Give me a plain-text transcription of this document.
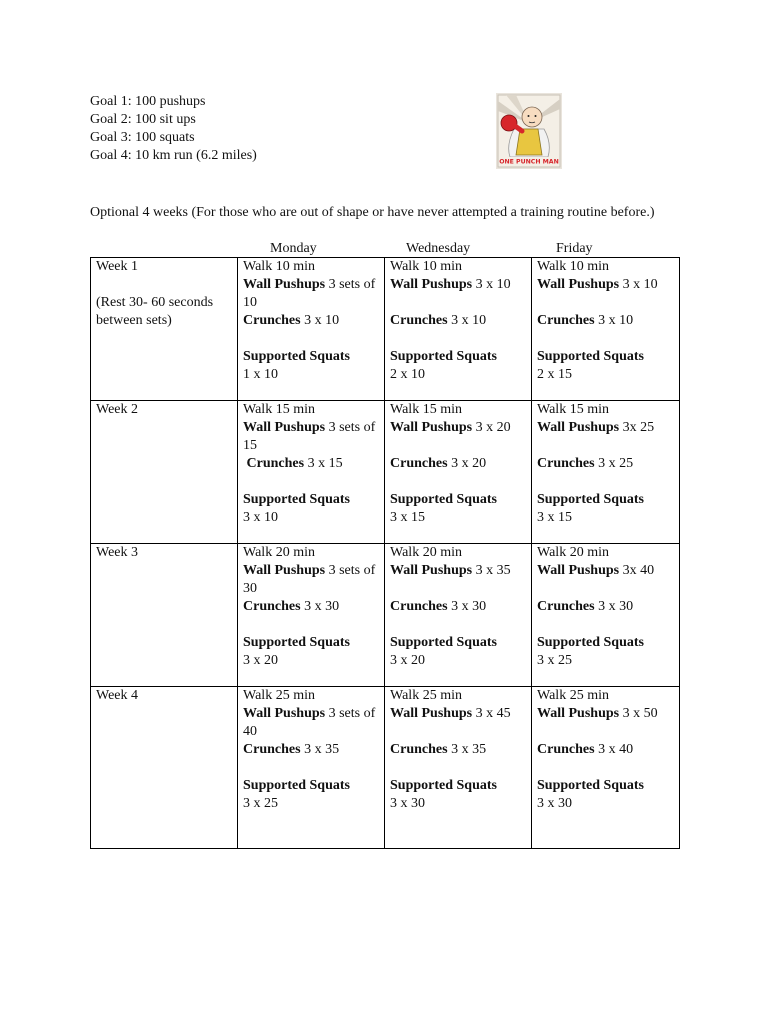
Goal 1: 100 pushups
Goal 2: 100 sit ups
Goal 3: 100 squats
Goal 4: 10 km run (6.2 miles)	ONE PUNCH MAN
Optional 4 weeks (For those who are out of shape or have never attempted a training routine before.)
Monday	Wednesday	Friday
Week 1
(Rest 30- 60 seconds between sets)	Walk 10 min
Wall Pushups 3 sets of 10
Crunches 3 x 10
Supported Squats
1 x 10	Walk 10 min
Wall Pushups 3 x 10
Crunches 3 x 10
Supported Squats
2 x 10	Walk 10 min
Wall Pushups 3 x 10
Crunches 3 x 10
Supported Squats
2 x 15

Week 2	Walk 15 min
Wall Pushups 3 sets of 15
Crunches 3 x 15
Supported Squats
3 x 10	Walk 15 min
Wall Pushups 3 x 20
Crunches 3 x 20
Supported Squats
3 x 15	Walk 15 min
Wall Pushups 3x 25
Crunches 3 x 25
Supported Squats
3 x 15

Week 3	Walk 20 min
Wall Pushups 3 sets of 30
Crunches 3 x 30
Supported Squats
3 x 20	Walk 20 min
Wall Pushups 3 x 35
Crunches 3 x 30
Supported Squats
3 x 20	Walk 20 min
Wall Pushups 3x 40
Crunches 3 x 30
Supported Squats
3 x 25

Week 4	Walk 25 min
Wall Pushups 3 sets of 40
Crunches 3 x 35
Supported Squats
3 x 25	Walk 25 min
Wall Pushups 3 x 45
Crunches 3 x 35
Supported Squats
3 x 30	Walk 25 min
Wall Pushups 3 x 50
Crunches 3 x 40
Supported Squats
3 x 30
